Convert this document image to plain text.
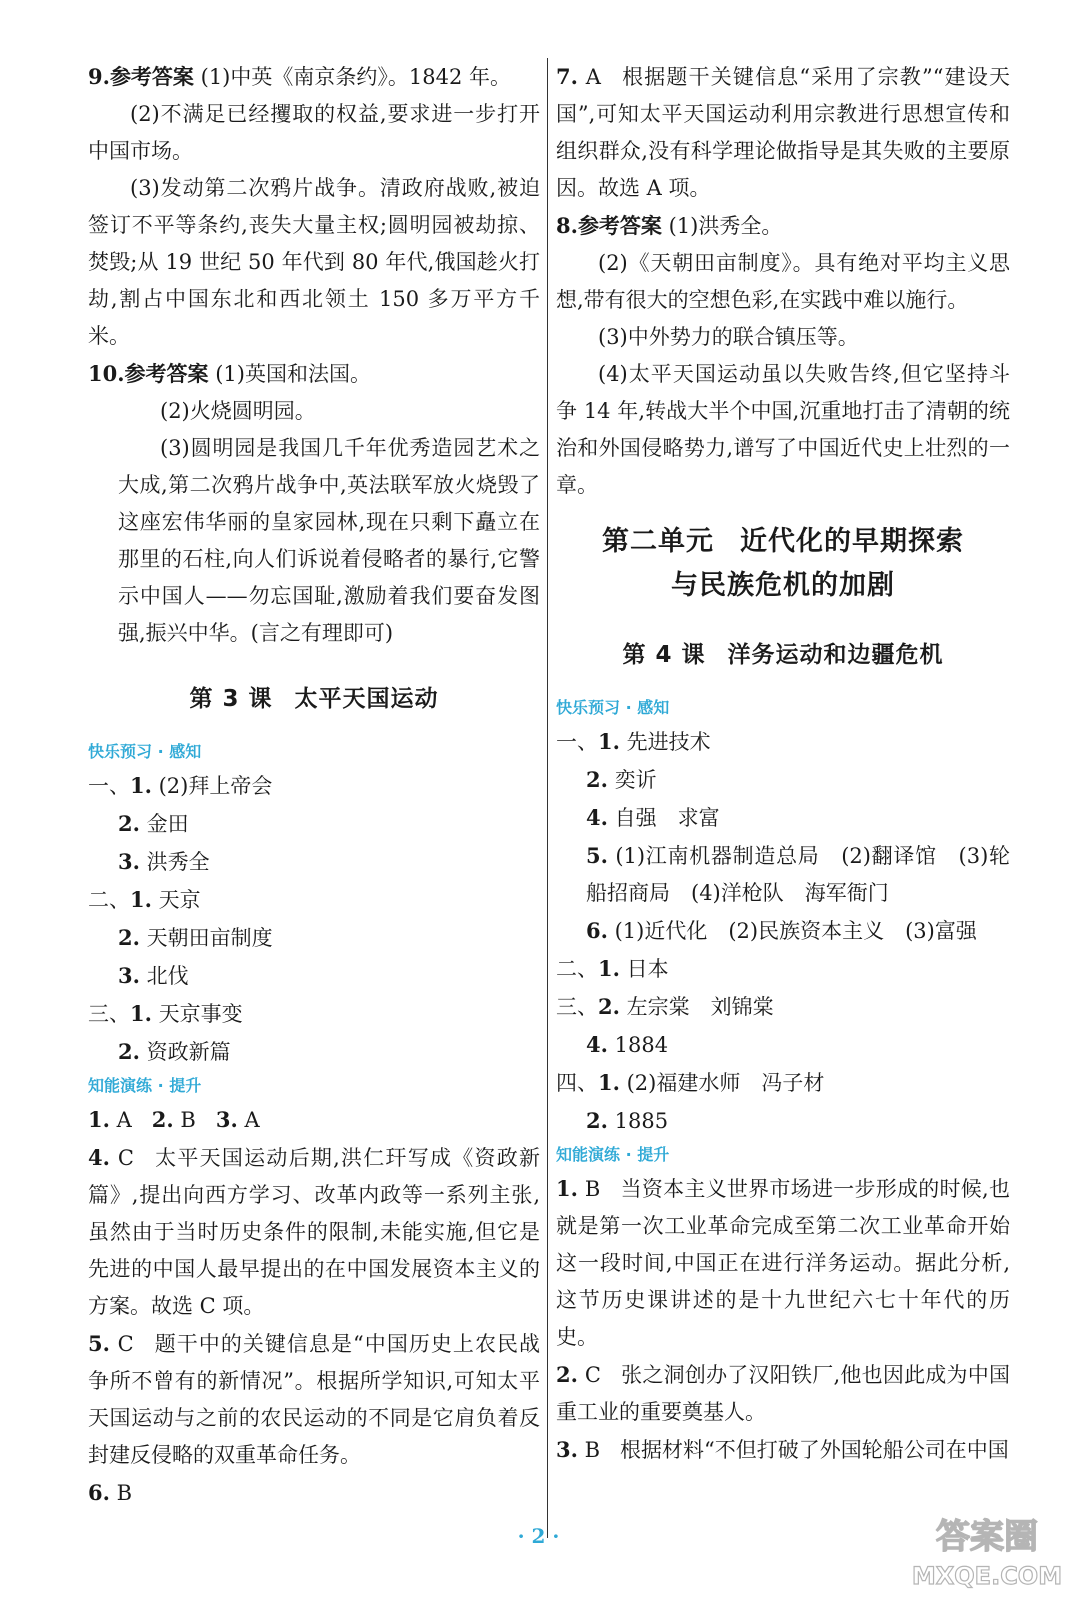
9.参考答案 (1)中英《南京条约》。1842 年。

(2)不满足已经攫取的权益,要求进一步打开中国市场。

(3)发动第二次鸦片战争。清政府战败,被迫签订不平等条约,丧失大量主权;圆明园被劫掠、焚毁;从 19 世纪 50 年代到 80 年代,俄国趁火打劫,割占中国东北和西北领土 150 多万平方千米。

10.参考答案 (1)英国和法国。

(2)火烧圆明园。

(3)圆明园是我国几千年优秀造园艺术之大成,第二次鸦片战争中,英法联军放火烧毁了这座宏伟华丽的皇家园林,现在只剩下矗立在那里的石柱,向人们诉说着侵略者的暴行,它警示中国人——勿忘国耻,激励着我们要奋发图强,振兴中华。(言之有理即可)

第 3 课 太平天国运动

快乐预习 · 感知

一、1. (2)拜上帝会

2. 金田

3. 洪秀全

二、1. 天京

2. 天朝田亩制度

3. 北伐

三、1. 天京事变

2. 资政新篇

知能演练 · 提升

1. A 2. B 3. A

4. C 太平天国运动后期,洪仁玕写成《资政新篇》,提出向西方学习、改革内政等一系列主张,虽然由于当时历史条件的限制,未能实施,但它是先进的中国人最早提出的在中国发展资本主义的方案。故选 C 项。

5. C 题干中的关键信息是“中国历史上农民战争所不曾有的新情况”。根据所学知识,可知太平天国运动与之前的农民运动的不同是它肩负着反封建反侵略的双重革命任务。

6. B

7. A 根据题干关键信息“采用了宗教”“建设天国”,可知太平天国运动利用宗教进行思想宣传和组织群众,没有科学理论做指导是其失败的主要原因。故选 A 项。

8.参考答案 (1)洪秀全。

(2)《天朝田亩制度》。具有绝对平均主义思想,带有很大的空想色彩,在实践中难以施行。

(3)中外势力的联合镇压等。

(4)太平天国运动虽以失败告终,但它坚持斗争 14 年,转战大半个中国,沉重地打击了清朝的统治和外国侵略势力,谱写了中国近代史上壮烈的一章。

第二单元 近代化的早期探索
与民族危机的加剧
第 4 课 洋务运动和边疆危机

快乐预习 · 感知

一、1. 先进技术

2. 奕䜣

4. 自强　求富

5. (1)江南机器制造总局　(2)翻译馆　(3)轮船招商局　(4)洋枪队　海军衙门

6. (1)近代化　(2)民族资本主义　(3)富强

二、1. 日本

三、2. 左宗棠　刘锦棠

4. 1884

四、1. (2)福建水师　冯子材

2. 1885

知能演练 · 提升

1. B 当资本主义世界市场进一步形成的时候,也就是第一次工业革命完成至第二次工业革命开始这一段时间,中国正在进行洋务运动。据此分析,这节历史课讲述的是十九世纪六七十年代的历史。

2. C 张之洞创办了汉阳铁厂,他也因此成为中国重工业的重要奠基人。

3. B 根据材料“不但打破了外国轮船公司在中国

· 2 ·	答案圈
MXQE.COM
